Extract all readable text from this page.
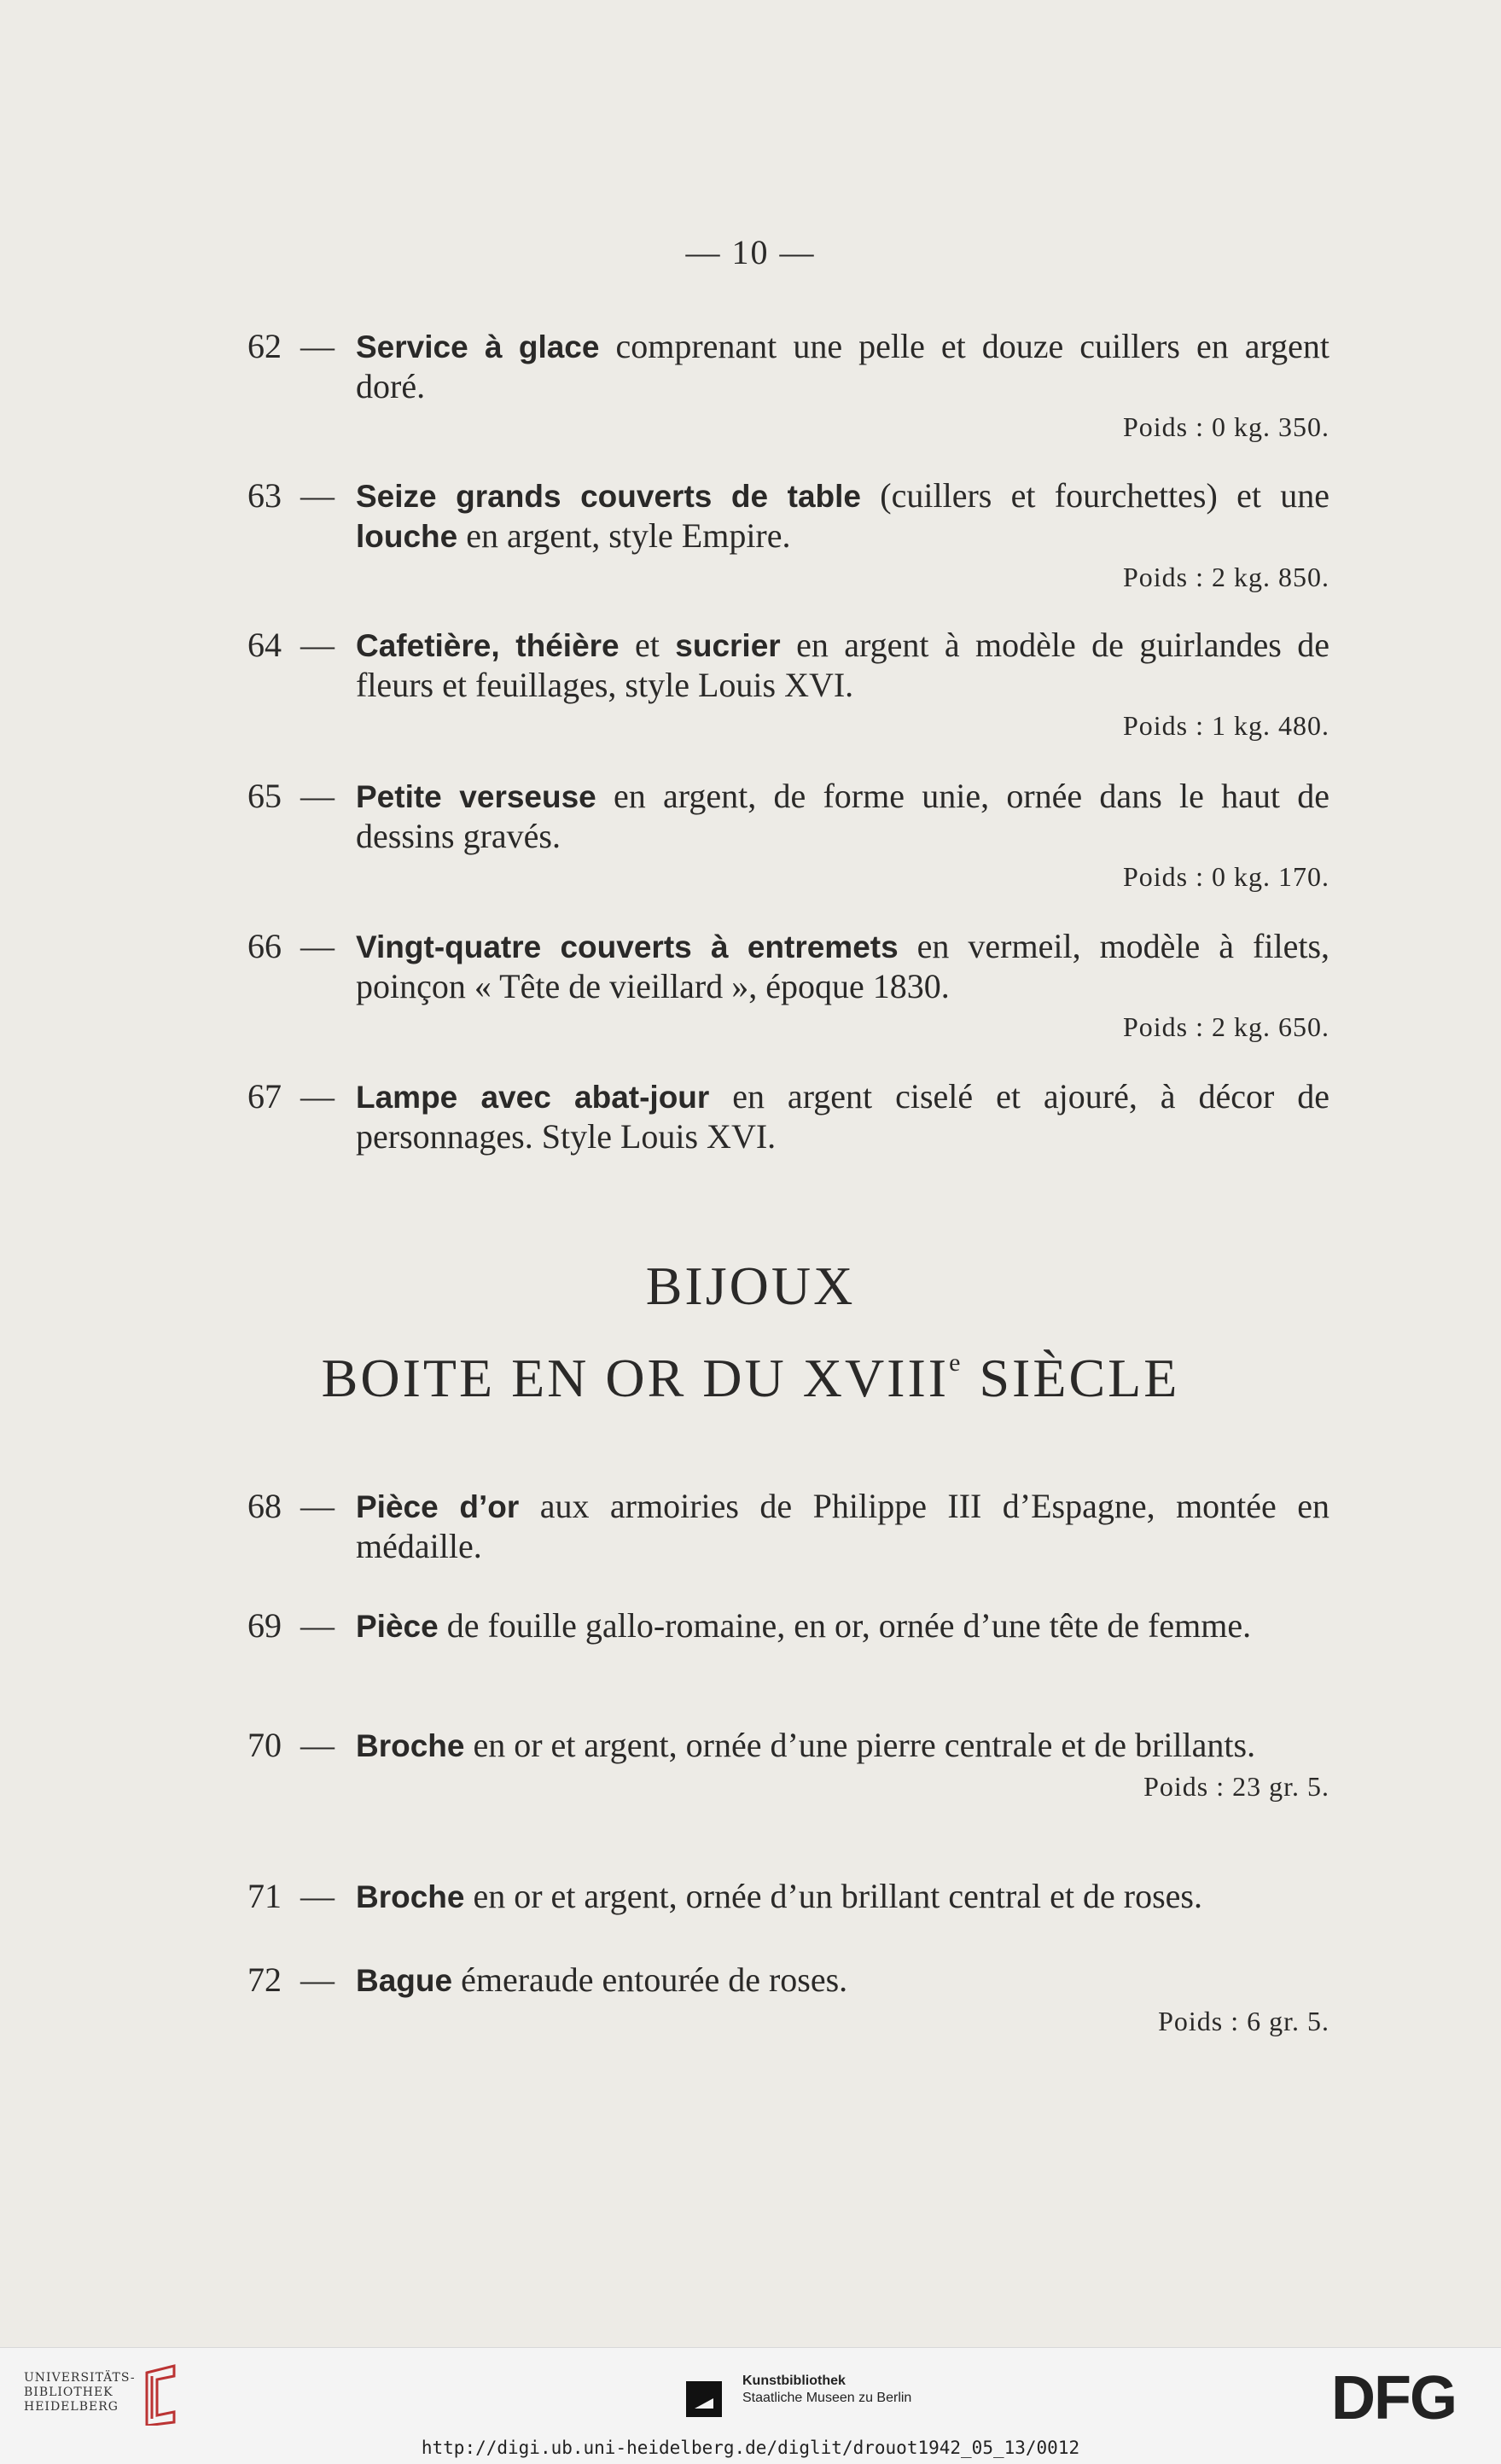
— 10 —
62 — Service à glace comprenant une pelle et douze cuillers en argent doré.
Poids : 0 kg. 350.
63 — Seize grands couverts de table (cuillers et fourchettes) et une louche en argent, style Empire.
Poids : 2 kg. 850.
64 — Cafetière, théière et sucrier en argent à modèle de guirlandes de fleurs et feuillages, style Louis XVI.
Poids : 1 kg. 480.
65 — Petite verseuse en argent, de forme unie, ornée dans le haut de dessins gravés.
Poids : 0 kg. 170.
66 — Vingt-quatre couverts à entremets en vermeil, modèle à filets, poinçon « Tête de vieillard », époque 1830.
Poids : 2 kg. 650.
67 — Lampe avec abat-jour en argent ciselé et ajouré, à décor de personnages. Style Louis XVI.
BIJOUX
BOITE EN OR DU XVIIIe SIÈCLE
68 — Pièce d’or aux armoiries de Philippe III d’Espagne, montée en médaille.
69 — Pièce de fouille gallo-romaine, en or, ornée d’une tête de femme.
70 — Broche en or et argent, ornée d’une pierre centrale et de brillants.
Poids : 23 gr. 5.
71 — Broche en or et argent, ornée d’un brillant central et de roses.
72 — Bague émeraude entourée de roses.
Poids : 6 gr. 5.
UNIVERSITÄTS-
BIBLIOTHEK
HEIDELBERG
Kunstbibliothek
Staatliche Museen zu Berlin	DFG
http://digi.ub.uni-heidelberg.de/diglit/drouot1942_05_13/0012
